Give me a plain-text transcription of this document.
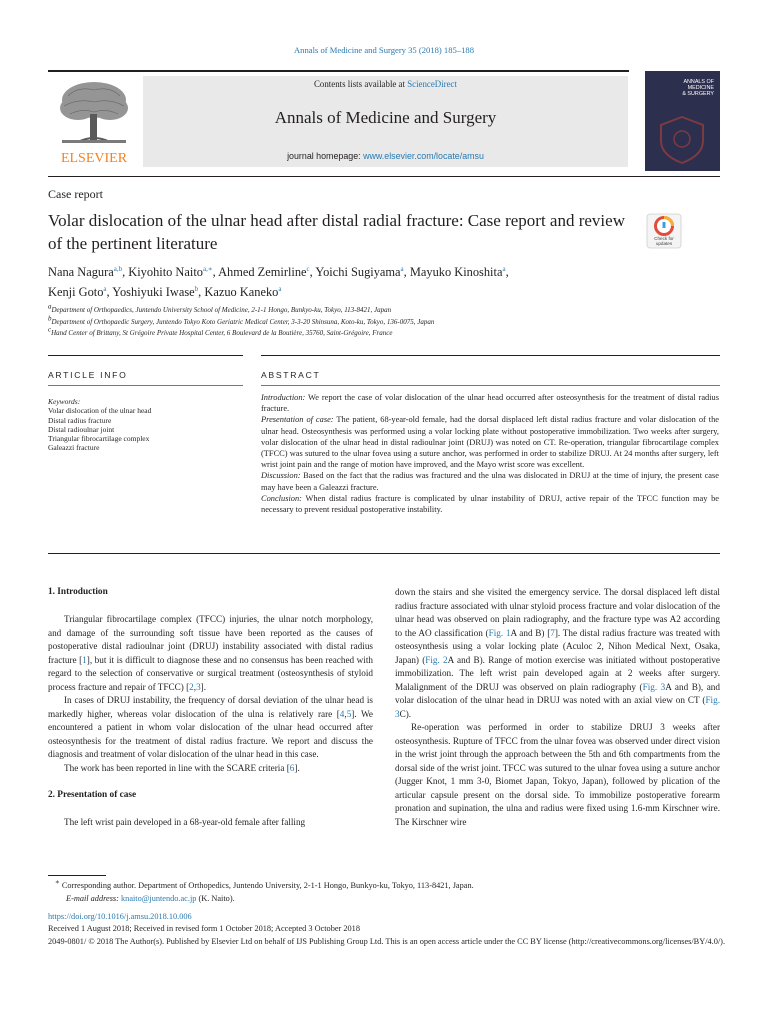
Annals of Medicine and Surgery 35 (2018) 185–188
ELSEVIER
Contents lists available at ScienceDirect
Annals of Medicine and Surgery
journal homepage: www.elsevier.com/locate/amsu
ANNALS OF
MEDICINE
& SURGERY
Case report
Volar dislocation of the ulnar head after distal radial fracture: Case report and review of the pertinent literature	Check for
updates
Nana Nagura$^{a,b}$, Kiyohito Naito$^{a,∗}$, Ahmed Zemirline$^c$, Yoichi Sugiyama$^a$, Mayuko Kinoshita$^a$,
Kenji Goto$^a$, Yoshiyuki Iwase$^b$, Kazuo Kaneko$^a$
$^a$Department of Orthopaedics, Juntendo University School of Medicine, 2-1-1 Hongo, Bunkyo-ku, Tokyo, 113-8421, Japan
$^b$Department of Orthopaedic Surgery, Juntendo Tokyo Koto Geriatric Medical Center, 3-3-20 Shinsuna, Koto-ku, Tokyo, 136-0075, Japan
$^c$Hand Center of Brittany, St Grégoire Private Hospital Center, 6 Boulevard de la Boutière, 35760, Saint-Grégoire, France
ARTICLE INFO	ABSTRACT
Keywords:
Volar dislocation of the ulnar head
Distal radius fracture
Distal radioulnar joint
Triangular fibrocartilage complex
Galeazzi fracture

Introduction: We report the case of volar dislocation of the ulnar head occurred after osteosynthesis for the treatment of distal radius fracture.

Presentation of case: The patient, 68-year-old female, had the dorsal displaced left distal radius fracture and volar dislocation of the ulnar head. Osteosynthesis was performed using a volar locking plate without postoperative immobilization. Two weeks after surgery, volar dislocation of the ulnar head in distal radioulnar joint (DRUJ) was noted on CT. Re-operation, triangular fibrocartilage complex (TFCC) was sutured to the ulnar fovea using a suture anchor, was performed in order to stabilize DRUJ. At 24 months after surgery, left wrist joint pain and the range of motion have improved, and the Mayo wrist score was excellent.

Discussion: Based on the fact that the radius was fractured and the ulna was dislocated in DRUJ at the time of injury, the present case may have been a Galeazzi fracture.

Conclusion: When distal radius fracture is complicated by ulnar instability of DRUJ, active repair of the TFCC function may be necessary to prevent residual postoperative instability.

1. Introduction

Triangular fibrocartilage complex (TFCC) injuries, the ulnar notch morphology, and damage of the surrounding soft tissue have been reported as the causes of postoperative distal radioulnar joint (DRUJ) instability associated with distal radius fracture [1], but it is difficult to diagnose these and no consensus has been reached with regard to the selection of conservative or surgical treatment (osteosynthesis of styloid process fracture and repair of TFCC) [2,3].

In cases of DRUJ instability, the frequency of dorsal deviation of the ulnar head is markedly higher, whereas volar dislocation of the ulna is relatively rare [4,5]. We encountered a patient in whom volar dislocation of the ulnar head occurred after osteosynthesis for the treatment of distal radius fracture. We report and discuss the diagnosis and treatment of volar dislocation of the ulnar head in this case.

The work has been reported in line with the SCARE criteria [6].

2. Presentation of case

The left wrist pain developed in a 68-year-old female after falling

down the stairs and she visited the emergency service. The dorsal displaced left distal radius fracture associated with ulnar styloid process fracture and volar dislocation of the ulnar head was observed on plain radiography, and the fracture type was A2 according to the AO classification (Fig. 1A and B) [7]. The distal radius fracture was treated with osteosynthesis using a volar locking plate (Aculoc 2, Nihon Medical Next, Osaka, Japan) (Fig. 2A and B). Range of motion exercise was initiated without postoperative immobilization. The left wrist pain developed again at 2 weeks after surgery. Malalignment of the DRUJ was observed on plain radiography (Fig. 3A and B), and volar dislocation of the ulnar head in DRUJ was noted with an axial view on CT (Fig. 3C).

Re-operation was performed in order to stabilize DRUJ 3 weeks after osteosynthesis. Rupture of TFCC from the ulnar fovea was observed under direct vision in the wrist joint through the approach between the 5th and 6th compartments from the dorsal side of the wrist joint. TFCC was sutured to the ulnar fovea using a suture anchor (Jugger Knot, 1 mm 3-0, Biomet Japan, Tokyo, Japan), followed by plication of the articular capsule present on the dorsal side. To immobilize postoperative forearm pronation and supination, the ulna and radius were fixed using 1.6-mm Kirschner wire. The Kirschner wire

∗ Corresponding author. Department of Orthopedics, Juntendo University, 2-1-1 Hongo, Bunkyo-ku, Tokyo, 113-8421, Japan.
E-mail address: knaito@juntendo.ac.jp (K. Naito).
https://doi.org/10.1016/j.amsu.2018.10.006
Received 1 August 2018; Received in revised form 1 October 2018; Accepted 3 October 2018
2049-0801/ © 2018 The Author(s). Published by Elsevier Ltd on behalf of IJS Publishing Group Ltd. This is an open access article under the CC BY license (http://creativecommons.org/licenses/BY/4.0/).
